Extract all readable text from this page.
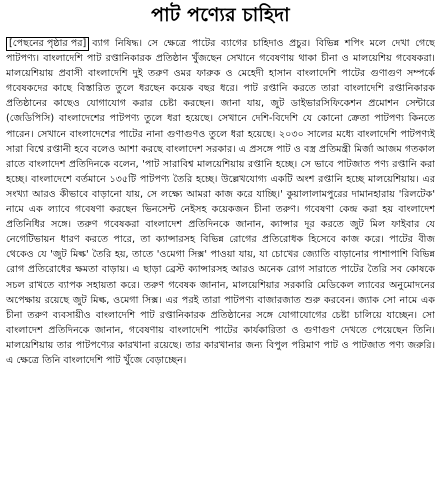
পাট পণ্যের চাহিদা
[পেছনের পৃষ্ঠার পর] ব্যাগ নিষিদ্ধ। সে ক্ষেত্রে পাটের ব্যাগের চাহিদাও প্রচুর। বিভিন্ন শপিং মলে দেখা গেছে পাটপণ্য। বাংলাদেশি পাট রপ্তানিকারক প্রতিষ্ঠান খুঁজছেন সেখানে গবেষণায় থাকা চীনা ও মালয়েশিয় গবেষকরা। মালয়েশিয়ায় প্রবাসী বাংলাদেশি দুই তরুণ ওমর ফারুক ও মেহেদী হাসান বাংলাদেশি পাটের গুণাগুণ সম্পর্কে গবেষকদের কাছে বিস্তারিত তুলে ধরছেন কয়েক বছর ধরে। পাট রপ্তানি করতে তারা বাংলাদেশি রপ্তানিকারক প্রতিষ্ঠানের কাছেও যোগাযোগ করার চেষ্টা করছেন। জানা যায়, জুট ডাইভারসিফিকেশন প্রমোশন সেন্টারে (জেডিপিসি) বাংলাদেশের পাটপণ্য তুলে ধরা হয়েছে। সেখানে দেশি-বিদেশি যে কোনো ক্রেতা পাটপণ্য কিনতে পারেন। সেখানে বাংলাদেশের পাটের নানা গুণাগুণও তুলে ধরা হয়েছে। ২০৩০ সালের মধ্যে বাংলাদেশি পাটপণ্যই সারা বিশ্বে রপ্তানী হবে বলেও আশা করছে বাংলাদেশ সরকার। এ প্রসঙ্গে পাট ও বস্ত্র প্রতিমন্ত্রী মির্জা আজম গতকাল রাতে বাংলাদেশ প্রতিদিনকে বলেন, 'পাট সারাবিশ্ব মালয়েশিয়ায় রপ্তানি হচ্ছে। সে ভাবে পাটজাত পণ্য রপ্তানি করা হচ্ছে। বাংলাদেশে বর্তমানে ১৩৫টি পাটপণ্য তৈরি হচ্ছে। উল্লেখযোগ্য একটি অংশ রপ্তানি হচ্ছে মালয়েশিয়ায়। এর সংখ্যা আরও কীভাবে বাড়ানো যায়, সে লক্ষ্যে আমরা কাজ করে যাচ্ছি।' কুয়ালালামপুরের দামানহারায় 'রিলটেক' নামে এক ল্যাবে গবেষণা করছেন ভিনসেন্ট নেইসহ কয়েকজন চীনা তরুণ। গবেষণা কেন্দ্র করা হয় বাংলাদেশ প্রতিনিধির সঙ্গে। তরুণ গবেষকরা বাংলাদেশ প্রতিদিনকে জানান, ক্যান্সার দূর করতে জুট মিল ফাইবার যে নেগেটিভায়ন ধারণ করতে পারে, তা ক্যান্সারসহ বিভিন্ন রোগের প্রতিরোধক হিসেবে কাজ করে। পাটের বীজ থেকেও যে 'জুট মিল্ক' তৈরি হয়, তাতে 'ওমেগা সিক্স' পাওয়া যায়, যা চোখের জ্যোতি বাড়ানোর পাশাপাশি বিভিন্ন রোগ প্রতিরোধের ক্ষমতা বাড়ায়। এ ছাড়া ব্রেস্ট ক্যান্সারসহ আরও অনেক রোগ সারাতে পাটের তৈরি সব কোষকে সচল রাখতে ব্যাপক সহায়তা করে। তরুণ গবেষক জানান, মালয়েশিয়ার সরকারি মেডিকেল ল্যাবের অনুমোদনের অপেক্ষায় রয়েছে জুট মিল্ক, ওমেগা সিক্স। এর পরই তারা পাটপণ্য বাজারজাত শুরু করবেন। জ্যাক সো নামে এক চীনা তরুণ ব্যবসায়ীও বাংলাদেশি পাট রপ্তানিকারক প্রতিষ্ঠানের সঙ্গে যোগাযোগের চেষ্টা চালিয়ে যাচ্ছেন। সো বাংলাদেশ প্রতিদিনকে জানান, গবেষণায় বাংলাদেশি পাটের কার্যকারিতা ও গুণাগুণ দেখতে পেয়েছেন তিনি। মালয়েশিয়ায় তার পাটপণ্যের কারখানা রয়েছে। তার কারখানার জন্য বিপুল পরিমাণ পাট ও পাটজাত পণ্য জরুরি। এ ক্ষেত্রে তিনি বাংলাদেশি পাট খুঁজে বেড়াচ্ছেন।
